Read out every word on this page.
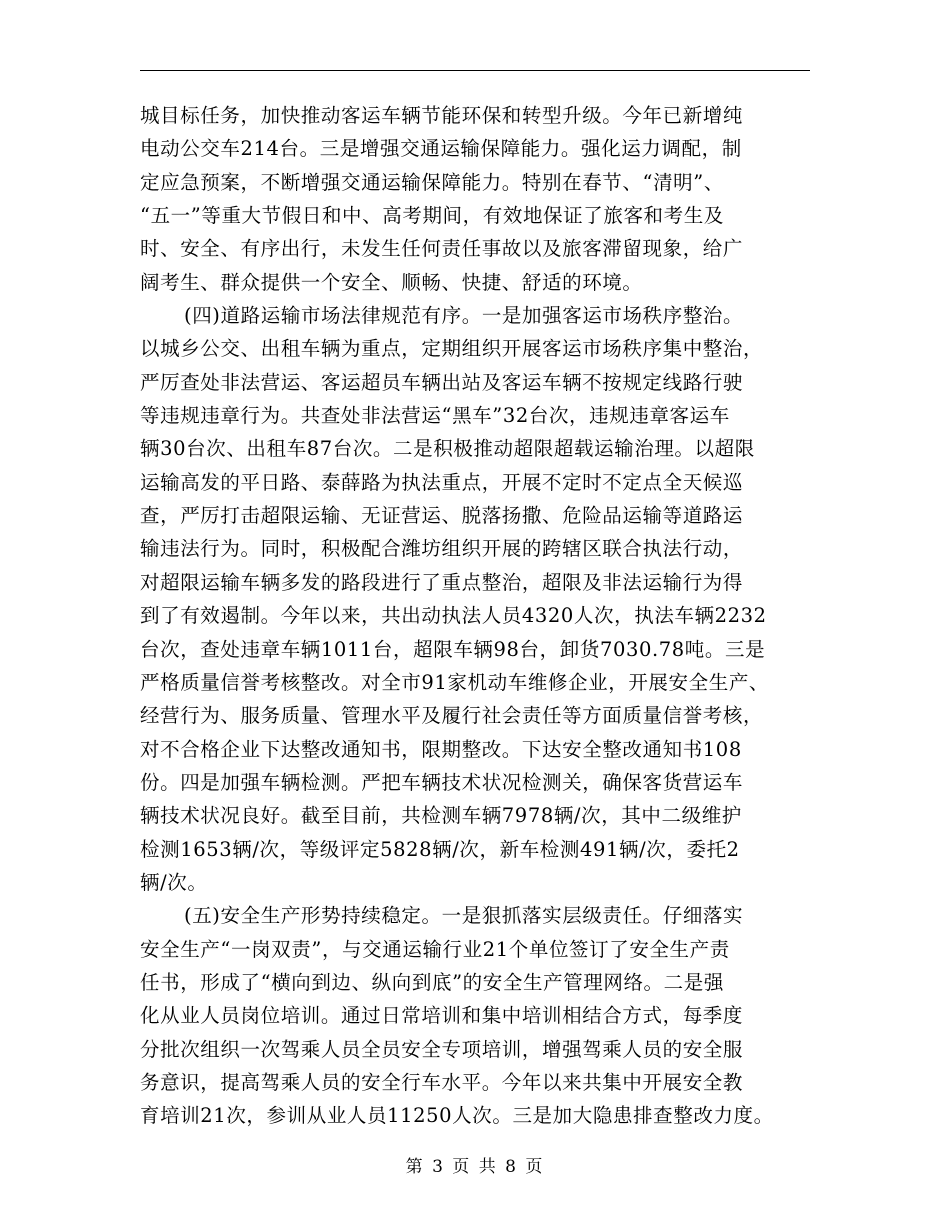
城目标任务，加快推动客运车辆节能环保和转型升级。今年已新增纯
电动公交车214台。三是增强交通运输保障能力。强化运力调配，制
定应急预案，不断增强交通运输保障能力。特别在春节、“清明”、
“五一”等重大节假日和中、高考期间，有效地保证了旅客和考生及
时、安全、有序出行，未发生任何责任事故以及旅客滞留现象，给广
阔考生、群众提供一个安全、顺畅、快捷、舒适的环境。
(四)道路运输市场法律规范有序。一是加强客运市场秩序整治。
以城乡公交、出租车辆为重点，定期组织开展客运市场秩序集中整治，
严厉查处非法营运、客运超员车辆出站及客运车辆不按规定线路行驶
等违规违章行为。共查处非法营运“黑车”32台次，违规违章客运车
辆30台次、出租车87台次。二是积极推动超限超载运输治理。以超限
运输高发的平日路、泰薛路为执法重点，开展不定时不定点全天候巡
查，严厉打击超限运输、无证营运、脱落扬撒、危险品运输等道路运
输违法行为。同时，积极配合潍坊组织开展的跨辖区联合执法行动，
对超限运输车辆多发的路段进行了重点整治，超限及非法运输行为得
到了有效遏制。今年以来，共出动执法人员4320人次，执法车辆2232
台次，查处违章车辆1011台，超限车辆98台，卸货7030.78吨。三是
严格质量信誉考核整改。对全市91家机动车维修企业，开展安全生产、
经营行为、服务质量、管理水平及履行社会责任等方面质量信誉考核，
对不合格企业下达整改通知书，限期整改。下达安全整改通知书108
份。四是加强车辆检测。严把车辆技术状况检测关，确保客货营运车
辆技术状况良好。截至目前，共检测车辆7978辆/次，其中二级维护
检测1653辆/次，等级评定5828辆/次，新车检测491辆/次，委托2
辆/次。
(五)安全生产形势持续稳定。一是狠抓落实层级责任。仔细落实
安全生产“一岗双责”，与交通运输行业21个单位签订了安全生产责
任书，形成了“横向到边、纵向到底”的安全生产管理网络。二是强
化从业人员岗位培训。通过日常培训和集中培训相结合方式，每季度
分批次组织一次驾乘人员全员安全专项培训，增强驾乘人员的安全服
务意识，提高驾乘人员的安全行车水平。今年以来共集中开展安全教
育培训21次，参训从业人员11250人次。三是加大隐患排查整改力度。
第 3 页 共 8 页
